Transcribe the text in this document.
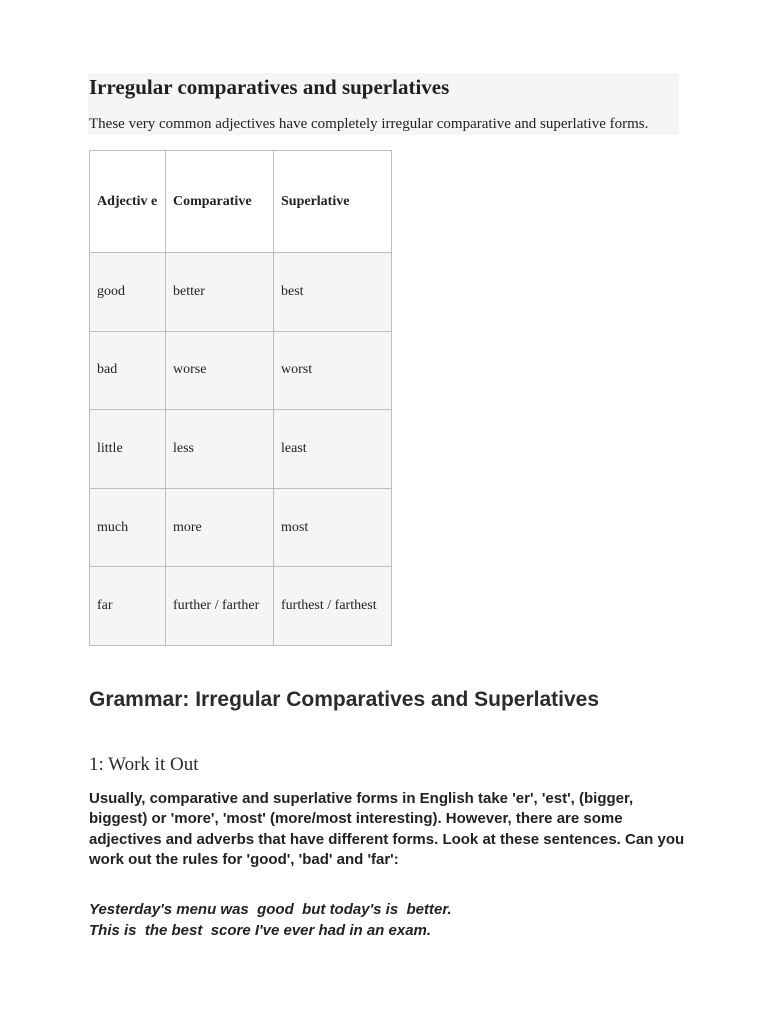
Irregular comparatives and superlatives
These very common adjectives have completely irregular comparative and superlative forms.
Adjectiv e	Comparative	Superlative
good	better	best
bad	worse	worst
little	less	least
much	more	most
far	further / farther	furthest / farthest
Grammar: Irregular Comparatives and Superlatives
1: Work it Out
Usually, comparative and superlative forms in English take 'er', 'est', (bigger, biggest) or 'more', 'most' (more/most interesting). However, there are some adjectives and adverbs that have different forms. Look at these sentences. Can you work out the rules for 'good', 'bad' and 'far':
Yesterday's menu was  good  but today's is  better.
This is  the best  score I've ever had in an exam.
